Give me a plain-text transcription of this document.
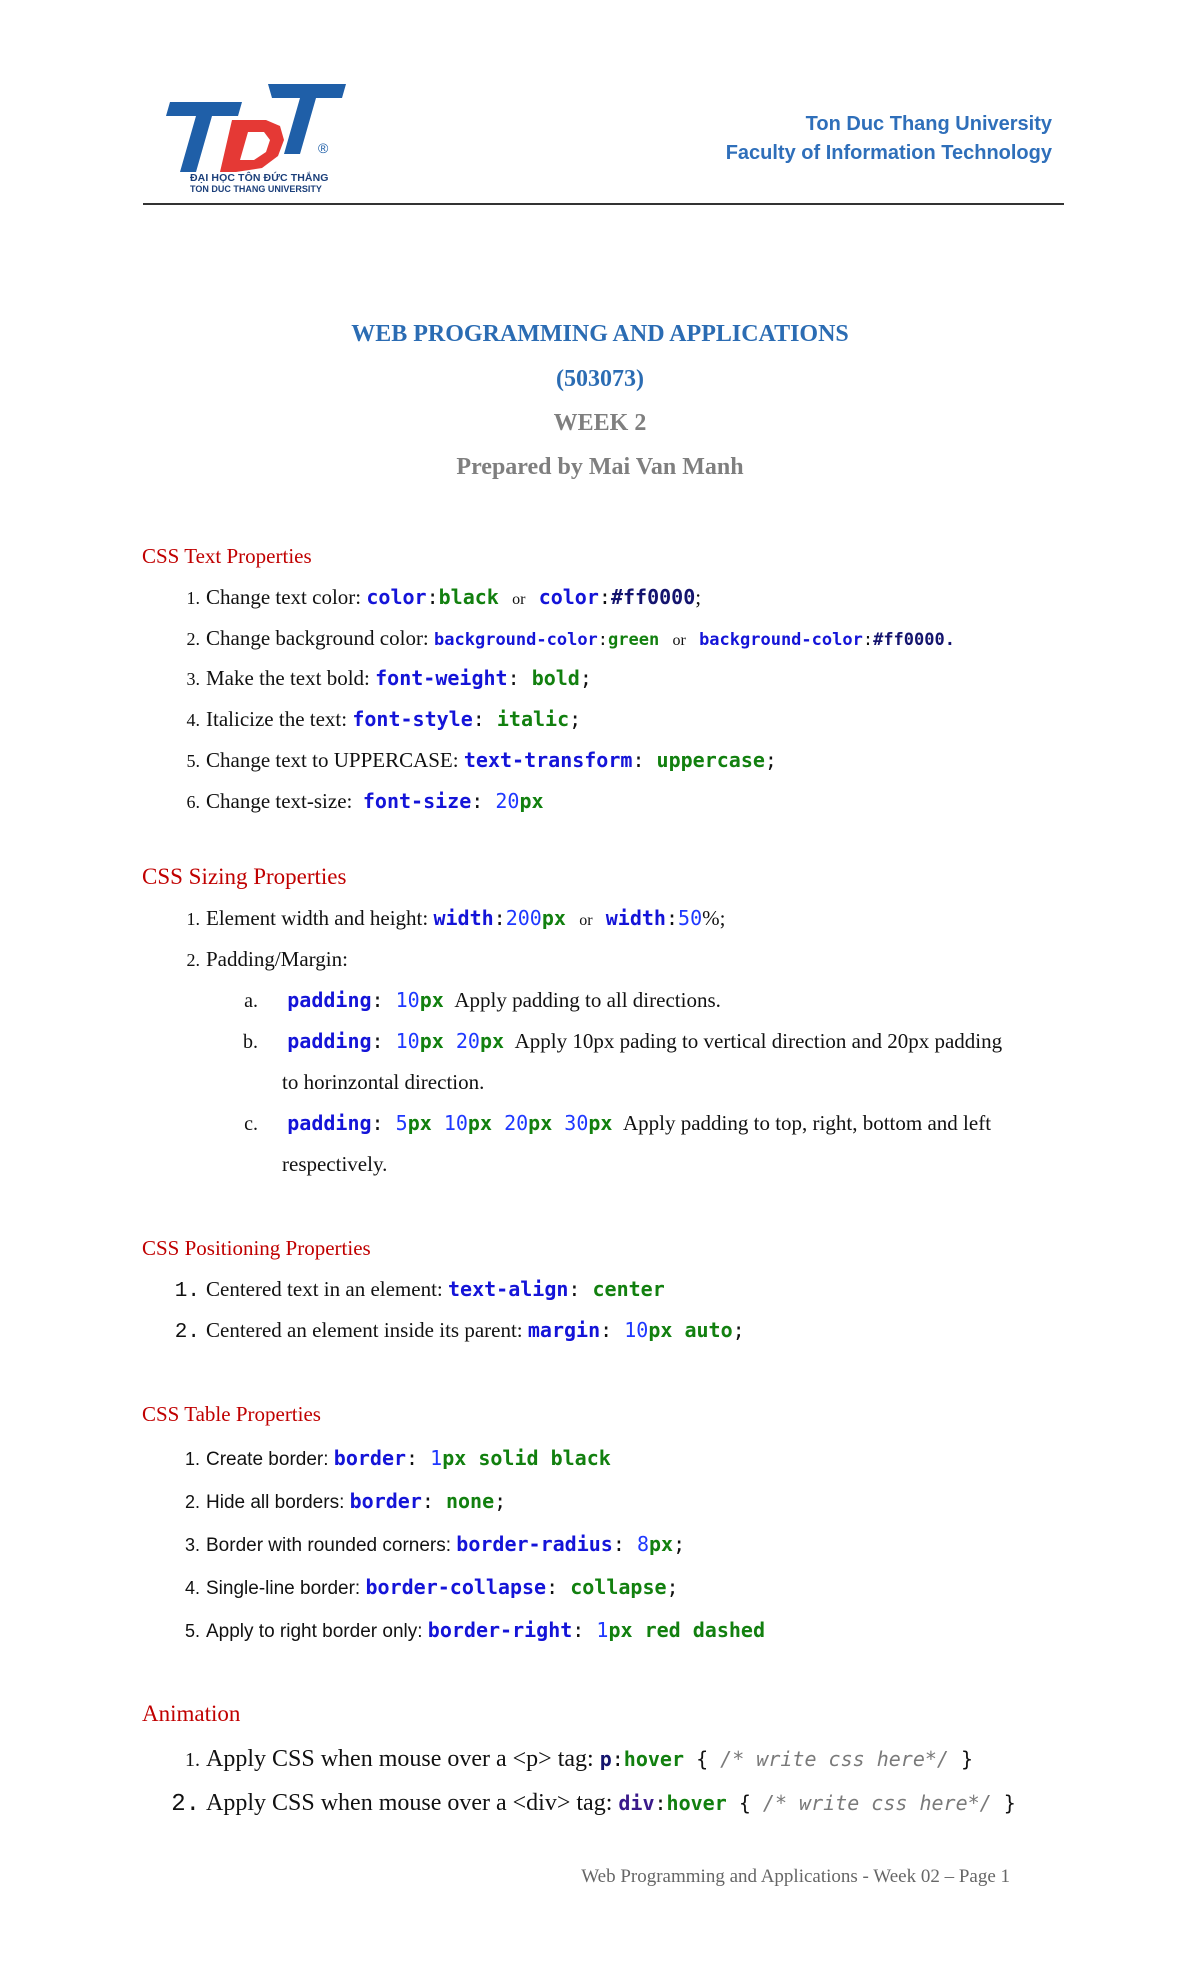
®
ĐẠI HỌC TÔN ĐỨC THẮNG
TON DUC THANG UNIVERSITY
Ton Duc Thang University
Faculty of Information Technology
WEB PROGRAMMING AND APPLICATIONS
(503073)
WEEK 2
Prepared by Mai Van Manh
CSS Text Properties
1. Change text color: color:black or color:#ff0000;
2. Change background color: background-color:green or background-color:#ff0000.
3. Make the text bold: font-weight: bold;
4. Italicize the text: font-style: italic;
5. Change text to UPPERCASE: text-transform: uppercase;
6. Change text-size: font-size: 20px
CSS Sizing Properties
1. Element width and height: width:200px or width:50%;
2. Padding/Margin:
a. padding: 10px Apply padding to all directions.
b. padding: 10px 20px Apply 10px pading to vertical direction and 20px padding
to horinzontal direction.
c. padding: 5px 10px 20px 30px Apply padding to top, right, bottom and left
respectively.
CSS Positioning Properties
1. Centered text in an element: text-align: center
2. Centered an element inside its parent: margin: 10px auto;
CSS Table Properties
1. Create border: border: 1px solid black
2. Hide all borders: border: none;
3. Border with rounded corners: border-radius: 8px;
4. Single-line border: border-collapse: collapse;
5. Apply to right border only: border-right: 1px red dashed
Animation
1. Apply CSS when mouse over a <p> tag: p:hover { /* write css here*/ }
2. Apply CSS when mouse over a <div> tag: div:hover { /* write css here*/ }
Web Programming and Applications - Week 02 – Page 1
